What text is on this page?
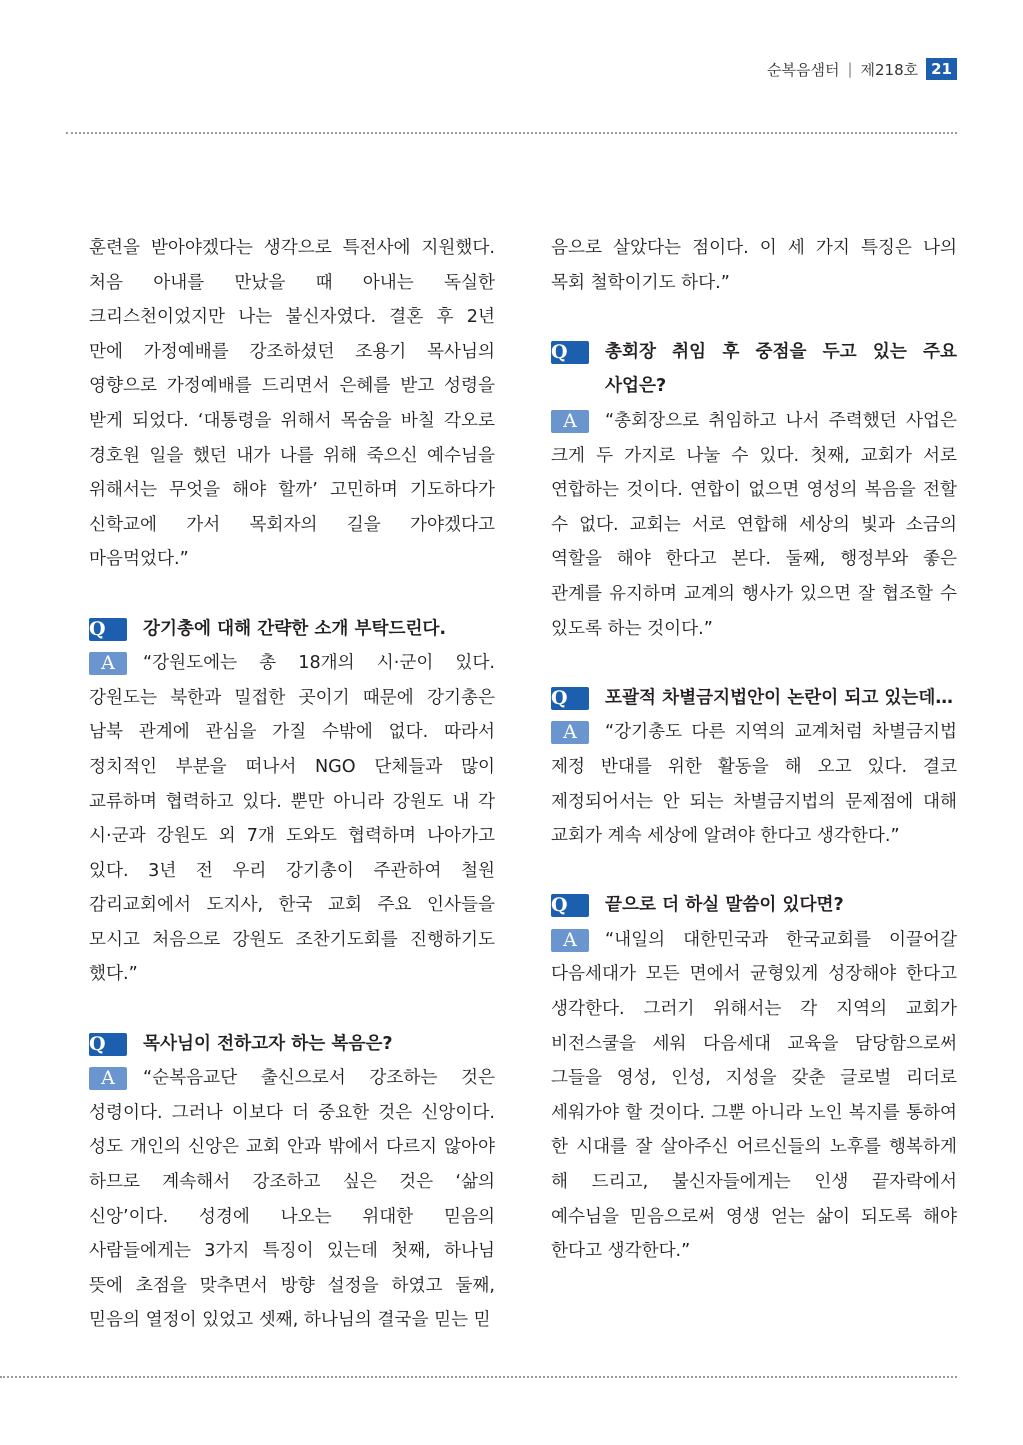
순복음샘터 | 제218호 21

훈련을 받아야겠다는 생각으로 특전사에 지원했다. 처음 아내를 만났을 때 아내는 독실한 크리스천이었지만 나는 불신자였다. 결혼 후 2년 만에 가정예배를 강조하셨던 조용기 목사님의 영향으로 가정예배를 드리면서 은혜를 받고 성령을 받게 되었다. ‘대통령을 위해서 목숨을 바칠 각오로 경호원 일을 했던 내가 나를 위해 죽으신 예수님을 위해서는 무엇을 해야 할까’ 고민하며 기도하다가 신학교에 가서 목회자의 길을 가야겠다고 마음먹었다.”

Q	강기총에 대해 간략한 소개 부탁드린다.
A	“강원도에는 총 18개의 시·군이 있다. 강원도는 북한과 밀접한 곳이기 때문에 강기총은 남북 관계에 관심을 가질 수밖에 없다. 따라서 정치적인 부분을 떠나서 NGO 단체들과 많이 교류하며 협력하고 있다. 뿐만 아니라 강원도 내 각 시·군과 강원도 외 7개 도와도 협력하며 나아가고 있다. 3년 전 우리 강기총이 주관하여 철원 감리교회에서 도지사, 한국 교회 주요 인사들을 모시고 처음으로 강원도 조찬기도회를 진행하기도 했다.”

Q	목사님이 전하고자 하는 복음은?
A	“순복음교단 출신으로서 강조하는 것은 성령이다. 그러나 이보다 더 중요한 것은 신앙이다. 성도 개인의 신앙은 교회 안과 밖에서 다르지 않아야 하므로 계속해서 강조하고 싶은 것은 ‘삶의 신앙’이다. 성경에 나오는 위대한 믿음의 사람들에게는 3가지 특징이 있는데 첫째, 하나님 뜻에 초점을 맞추면서 방향 설정을 하였고 둘째, 믿음의 열정이 있었고 셋째, 하나님의 결국을 믿는 믿

음으로 살았다는 점이다. 이 세 가지 특징은 나의 목회 철학이기도 하다.”

Q	총회장 취임 후 중점을 두고 있는 주요 사업은?
A	“총회장으로 취임하고 나서 주력했던 사업은 크게 두 가지로 나눌 수 있다. 첫째, 교회가 서로 연합하는 것이다. 연합이 없으면 영성의 복음을 전할 수 없다. 교회는 서로 연합해 세상의 빛과 소금의 역할을 해야 한다고 본다. 둘째, 행정부와 좋은 관계를 유지하며 교계의 행사가 있으면 잘 협조할 수 있도록 하는 것이다.”

Q	포괄적 차별금지법안이 논란이 되고 있는데…
A	“강기총도 다른 지역의 교계처럼 차별금지법 제정 반대를 위한 활동을 해 오고 있다. 결코 제정되어서는 안 되는 차별금지법의 문제점에 대해 교회가 계속 세상에 알려야 한다고 생각한다.”

Q	끝으로 더 하실 말씀이 있다면?
A	“내일의 대한민국과 한국교회를 이끌어갈 다음세대가 모든 면에서 균형있게 성장해야 한다고 생각한다. 그러기 위해서는 각 지역의 교회가 비전스쿨을 세워 다음세대 교육을 담당함으로써 그들을 영성, 인성, 지성을 갖춘 글로벌 리더로 세워가야 할 것이다. 그뿐 아니라 노인 복지를 통하여 한 시대를 잘 살아주신 어르신들의 노후를 행복하게 해 드리고, 불신자들에게는 인생 끝자락에서 예수님을 믿음으로써 영생 얻는 삶이 되도록 해야 한다고 생각한다.”
